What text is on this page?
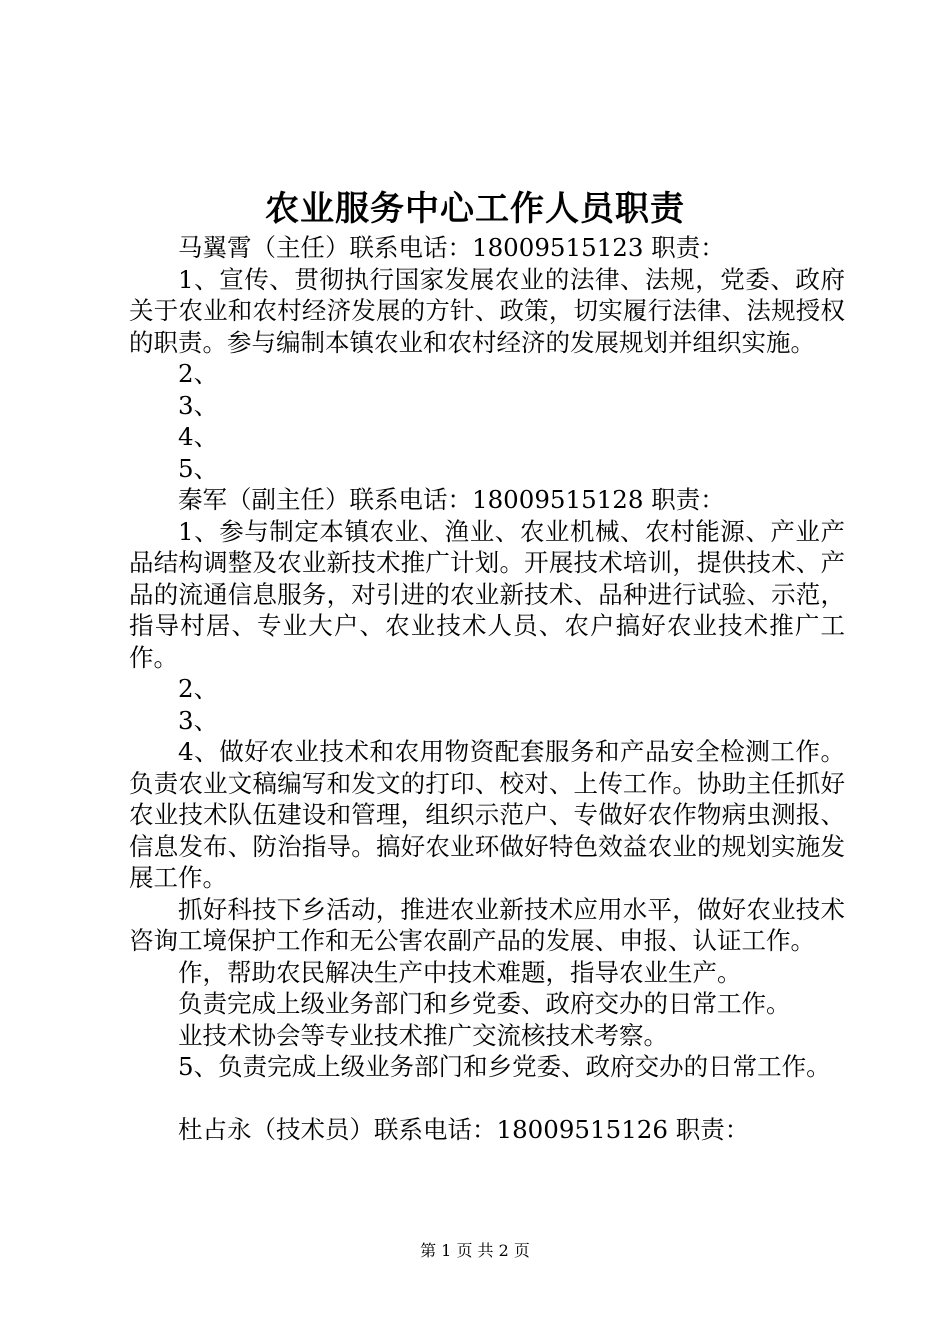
农业服务中心工作人员职责

马翼霄（主任）联系电话：18009515123 职责：

1、宣传、贯彻执行国家发展农业的法律、法规，党委、政府关于农业和农村经济发展的方针、政策，切实履行法律、法规授权的职责。参与编制本镇农业和农村经济的发展规划并组织实施。

2、

3、

4、

5、

秦军（副主任）联系电话：18009515128 职责：

1、参与制定本镇农业、渔业、农业机械、农村能源、产业产品结构调整及农业新技术推广计划。开展技术培训，提供技术、产品的流通信息服务，对引进的农业新技术、品种进行试验、示范，指导村居、专业大户、农业技术人员、农户搞好农业技术推广工作。

2、

3、

4、做好农业技术和农用物资配套服务和产品安全检测工作。负责农业文稿编写和发文的打印、校对、上传工作。协助主任抓好农业技术队伍建设和管理，组织示范户、专做好农作物病虫测报、信息发布、防治指导。搞好农业环做好特色效益农业的规划实施发展工作。

抓好科技下乡活动，推进农业新技术应用水平，做好农业技术咨询工境保护工作和无公害农副产品的发展、申报、认证工作。

作，帮助农民解决生产中技术难题，指导农业生产。

负责完成上级业务部门和乡党委、政府交办的日常工作。

业技术协会等专业技术推广交流核技术考察。

5、负责完成上级业务部门和乡党委、政府交办的日常工作。

杜占永（技术员）联系电话：18009515126 职责：

第 1 页 共 2 页
